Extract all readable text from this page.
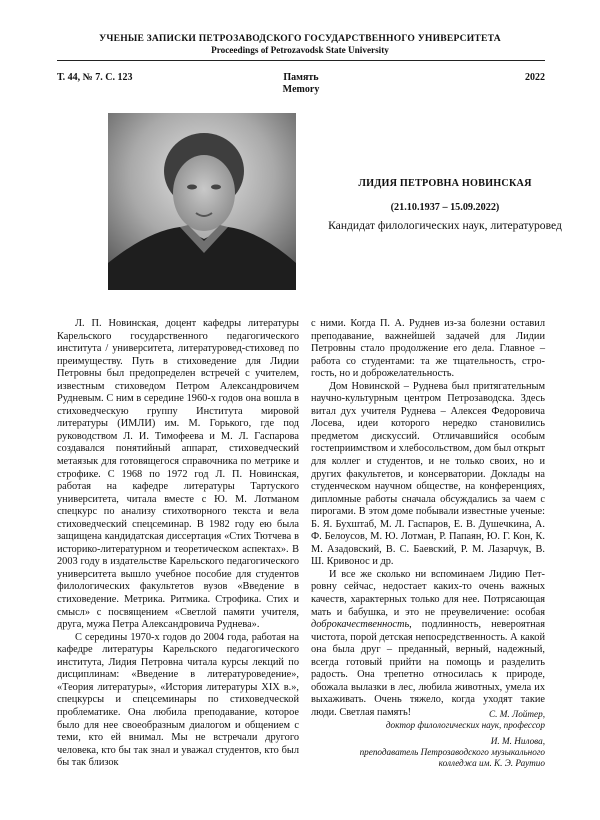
УЧЕНЫЕ ЗАПИСКИ ПЕТРОЗАВОДСКОГО ГОСУДАРСТВЕННОГО УНИВЕРСИТЕТА
Proceedings of Petrozavodsk State University
Т. 44, № 7. С. 123	Память
Memory
2022
ЛИДИЯ ПЕТРОВНА НОВИНСКАЯ
(21.10.1937 – 15.09.2022)
Кандидат филологических наук, литературовед

Л. П. Новинская, доцент кафедры литературы Карельского государственного педагогического института / университета, литературовед-стиховед по преимуществу. Путь в стиховедение для Лидии Петровны был предопределен встречей с учителем, известным стиховедом Петром Александровичем Рудневым. С ним в середине 1960-х годов она вошла в стиховедческую группу Института мировой литературы (ИМЛИ) им. М. Горького, где под руководством Л. И. Тимофеева и М. Л. Гаспарова создавался понятийный аппарат, стиховедческий метаязык для готовящегося справочника по метрике и строфике. С 1968 по 1972 год Л. П. Новинская, работая на кафедре литературы Тартуского университета, читала вместе с Ю. М. Лотманом спецкурс по анализу стихотворного текста и вела стиховедческий спецсеминар. В 1982 году ею была защищена кандидатская диссертация «Стих Тютчева в историко-литературном и теоретическом аспектах». В 2003 году в издательстве Карельского педагогического университета вышло учебное пособие для студентов филологических факультетов вузов «Введение в стиховедение. Метрика. Ритмика. Строфика. Стих и смысл» с посвящением «Светлой памяти учителя, друга, мужа Петра Александровича Руднева».

С середины 1970-х годов до 2004 года, работая на кафедре литературы Карельского педагогического института, Лидия Петровна читала курсы лекций по дисциплинам: «Введение в литературоведение», «Теория литературы», «История литературы XIX в.», спецкурсы и спецсеминары по стиховедческой проблематике. Она любила преподавание, которое было для нее своеобразным диалогом и общением с теми, кто ей внимал. Мы не встречали другого человека, кто бы так знал и уважал студентов, кто был бы так близок

с ними. Когда П. А. Руднев из-за болезни оставил преподавание, важнейшей задачей для Лидии Петровны стало продолжение его дела. Главное – работа со студентами: та же тщательность, строгость, но и доброжелательность.

Дом Новинской – Руднева был притягательным научно-культурным центром Петрозаводска. Здесь витал дух учителя Руднева – Алексея Федоровича Лосева, идеи которого нередко становились предметом дискуссий. Отличавшийся особым гостеприимством и хлебосольством, дом был открыт для коллег и студентов, и не только своих, но и других факультетов, и консерватории. Доклады на студенческом научном обществе, на конференциях, дипломные работы сначала обсуждались за чаем с пирогами. В этом доме побывали известные ученые: Б. Я. Бухштаб, М. Л. Гаспаров, Е. В. Душечкина, А. Ф. Белоусов, М. Ю. Лотман, Р. Папаян, Ю. Г. Кон, К. М. Азадовский, В. С. Баевский, Р. М. Лазарчук, В. Ш. Кривонос и др.

И все же сколько ни вспоминаем Лидию Петровну сейчас, недостает каких-то очень важных качеств, характерных только для нее. Потрясающая мать и бабушка, и это не преувеличение: особая доброкачественность, подлинность, невероятная чистота, порой детская непосредственность. А какой она была друг – преданный, верный, надежный, всегда готовый прийти на помощь и разделить радость. Она трепетно относилась к природе, обожала вылазки в лес, любила животных, умела их выхаживать. Очень тяжело, когда уходят такие люди. Светлая память!	С. М. Лойтер,
доктор филологических наук, профессор
И. М. Нилова,
преподаватель Петрозаводского музыкального
колледжа им. К. Э. Раутио
